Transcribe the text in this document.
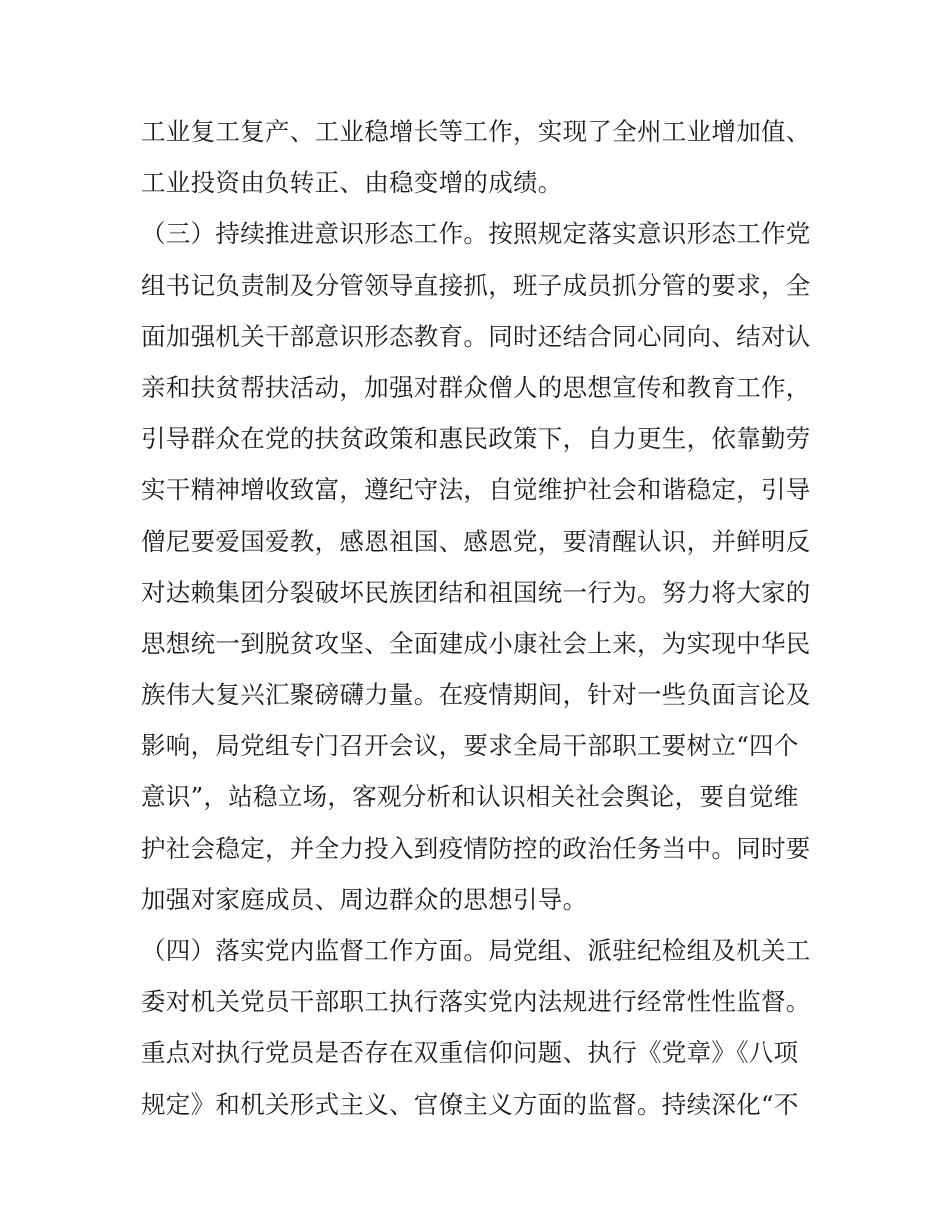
工业复工复产、工业稳增长等工作，实现了全州工业增加值、
工业投资由负转正、由稳变增的成绩。
（三）持续推进意识形态工作。按照规定落实意识形态工作党
组书记负责制及分管领导直接抓，班子成员抓分管的要求，全
面加强机关干部意识形态教育。同时还结合同心同向、结对认
亲和扶贫帮扶活动，加强对群众僧人的思想宣传和教育工作，
引导群众在党的扶贫政策和惠民政策下，自力更生，依靠勤劳
实干精神增收致富，遵纪守法，自觉维护社会和谐稳定，引导
僧尼要爱国爱教，感恩祖国、感恩党，要清醒认识，并鲜明反
对达赖集团分裂破坏民族团结和祖国统一行为。努力将大家的
思想统一到脱贫攻坚、全面建成小康社会上来，为实现中华民
族伟大复兴汇聚磅礴力量。在疫情期间，针对一些负面言论及
影响，局党组专门召开会议，要求全局干部职工要树立“四个
意识”，站稳立场，客观分析和认识相关社会舆论，要自觉维
护社会稳定，并全力投入到疫情防控的政治任务当中。同时要
加强对家庭成员、周边群众的思想引导。
（四）落实党内监督工作方面。局党组、派驻纪检组及机关工
委对机关党员干部职工执行落实党内法规进行经常性性监督。
重点对执行党员是否存在双重信仰问题、执行《党章》《八项
规定》和机关形式主义、官僚主义方面的监督。持续深化“不
